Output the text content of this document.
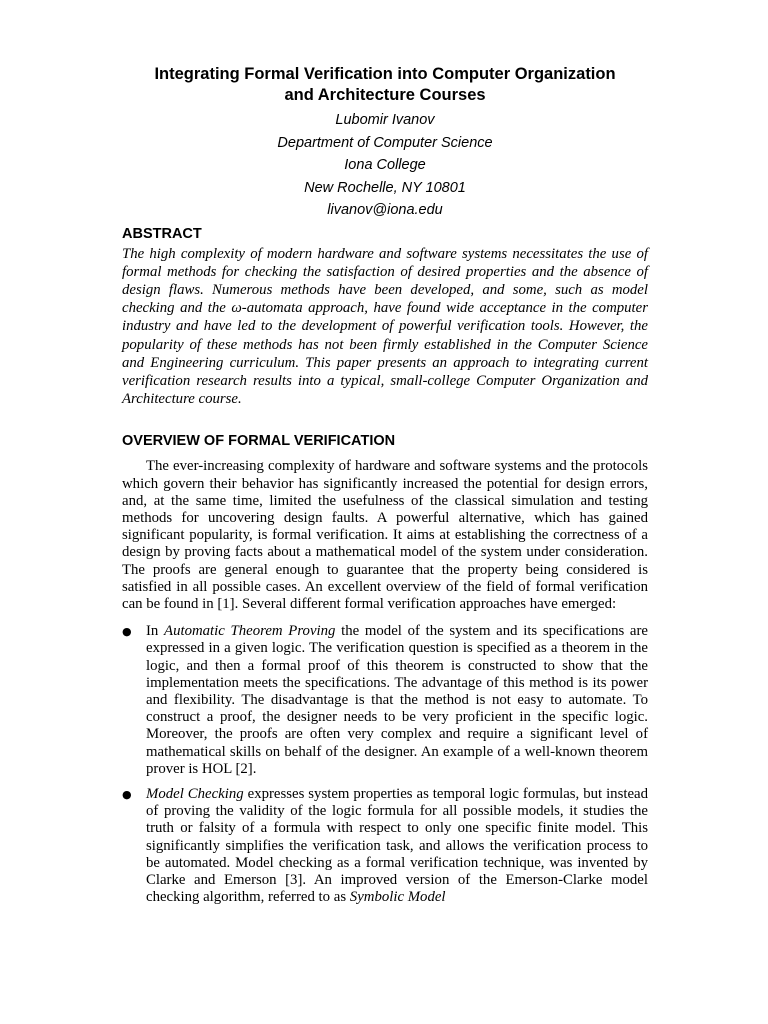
Integrating Formal Verification into Computer Organization
and Architecture Courses
Lubomir Ivanov
Department of Computer Science
Iona College
New Rochelle, NY 10801
livanov@iona.edu
ABSTRACT

The high complexity of modern hardware and software systems necessitates the use of formal methods for checking the satisfaction of desired properties and the absence of design flaws. Numerous methods have been developed, and some, such as model checking and the ω-automata approach, have found wide acceptance in the computer industry and have led to the development of powerful verification tools. However, the popularity of these methods has not been firmly established in the Computer Science and Engineering curriculum. This paper presents an approach to integrating current verification research results into a typical, small-college Computer Organization and Architecture course.

OVERVIEW OF FORMAL VERIFICATION

The ever-increasing complexity of hardware and software systems and the protocols which govern their behavior has significantly increased the potential for design errors, and, at the same time, limited the usefulness of the classical simulation and testing methods for uncovering design faults. A powerful alternative, which has gained significant popularity, is formal verification. It aims at establishing the correctness of a design by proving facts about a mathematical model of the system under consideration. The proofs are general enough to guarantee that the property being considered is satisfied in all possible cases. An excellent overview of the field of formal verification can be found in [1]. Several different formal verification approaches have emerged:

● In Automatic Theorem Proving the model of the system and its specifications are expressed in a given logic. The verification question is specified as a theorem in the logic, and then a formal proof of this theorem is constructed to show that the implementation meets the specifications. The advantage of this method is its power and flexibility. The disadvantage is that the method is not easy to automate. To construct a proof, the designer needs to be very proficient in the specific logic. Moreover, the proofs are often very complex and require a significant level of mathematical skills on behalf of the designer. An example of a well-known theorem prover is HOL [2].
● Model Checking expresses system properties as temporal logic formulas, but instead of proving the validity of the logic formula for all possible models, it studies the truth or falsity of a formula with respect to only one specific finite model. This significantly simplifies the verification task, and allows the verification process to be automated. Model checking as a formal verification technique, was invented by Clarke and Emerson [3]. An improved version of the Emerson-Clarke model checking algorithm, referred to as Symbolic Model
